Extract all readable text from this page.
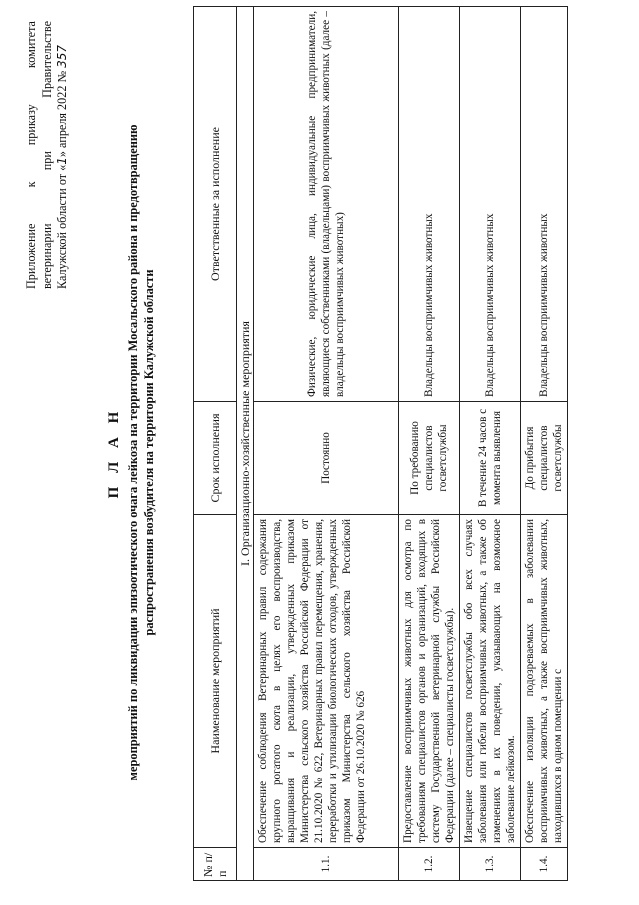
Приложение
к
приказу
комитета
ветеринарии
при
Правительстве
Калужской области от «1» апреля 2022 № 357
П Л А Н мероприятий по ликвидации эпизоотического очага лейкоза на территории Мосальского района и предотвращению распространения возбудителя на территории Калужской области
№ п/п	Наименование мероприятий	Срок исполнения	Ответственные за исполнение
I. Организационно-хозяйственные мероприятия			
1.1.	Обеспечение соблюдения Ветеринарных правил содержания крупного рогатого скота в целях его воспроизводства, выращивания и реализации, утвержденных приказом Министерства сельского хозяйства Российской Федерации от 21.10.2020 № 622, Ветеринарных правил перемещения, хранения, переработки и утилизации биологических отходов, утвержденных приказом Министерства сельского хозяйства Российской Федерации от 26.10.2020 № 626	Постоянно	Физические, юридические лица, индивидуальные предприниматели, являющиеся собственниками (владельцами) восприимчивых животных (далее – владельцы восприимчивых животных)
1.2.	Предоставление восприимчивых животных для осмотра по требованиям специалистов органов и организаций, входящих в систему Государственной ветеринарной службы Российской Федерации (далее – специалисты госветслужбы).	По требованию специалистов госветслужбы	Владельцы восприимчивых животных
1.3.	Извещение специалистов госветслужбы обо всех случаях заболевания или гибели восприимчивых животных, а также об изменениях в их поведении, указывающих на возможное заболевание лейкозом.	В течение 24 часов с момента выявления	Владельцы восприимчивых животных
1.4.	Обеспечение изоляции подозреваемых в заболевании восприимчивых животных, а также восприимчивых животных, находившихся в одном помещении с	До прибытия специалистов госветслужбы	Владельцы восприимчивых животных
